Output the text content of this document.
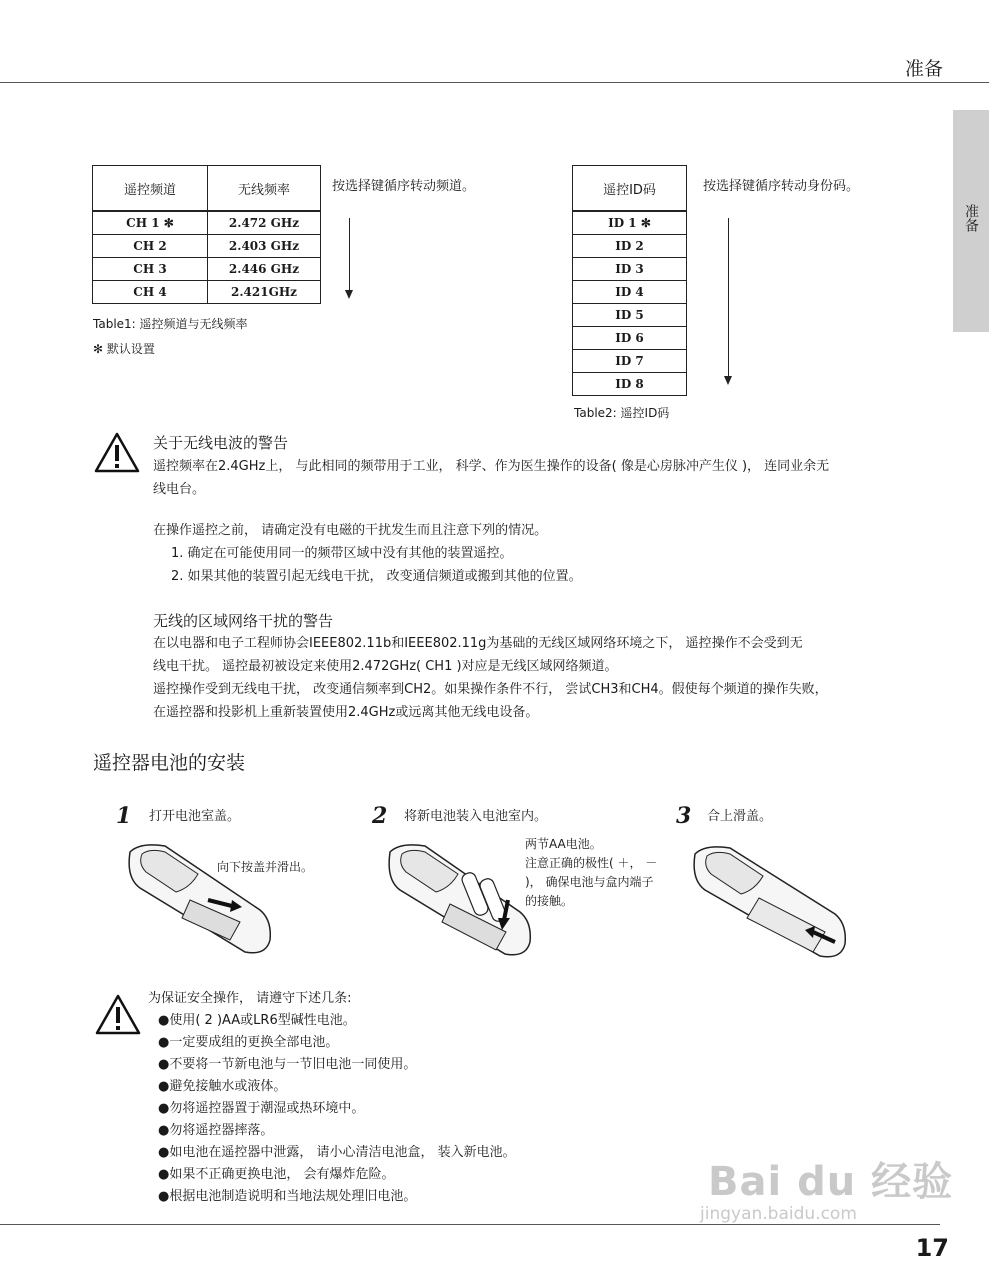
准备
准备
遥控频道	无线频率
CH 1 ✻	2.472 GHz
CH 2	2.403 GHz
CH 3	2.446 GHz
CH 4	2.421GHz
按选择键循序转动频道。
Table1: 遥控频道与无线频率
✻ 默认设置
遥控ID码
ID 1 ✻
ID 2
ID 3
ID 4
ID 5
ID 6
ID 7
ID 8
按选择键循序转动身份码。
Table2: 遥控ID码
关于无线电波的警告
遥控频率在2.4GHz上， 与此相同的频带用于工业， 科学、作为医生操作的设备( 像是心房脉冲产生仪 )， 连同业余无
线电台。
在操作遥控之前， 请确定没有电磁的干扰发生而且注意下列的情况。
1. 确定在可能使用同一的频带区域中没有其他的装置遥控。
2. 如果其他的装置引起无线电干扰， 改变通信频道或搬到其他的位置。
无线的区域网络干扰的警告
在以电器和电子工程师协会IEEE802.11b和IEEE802.11g为基础的无线区域网络环境之下， 遥控操作不会受到无
线电干扰。 遥控最初被设定来使用2.472GHz( CH1 )对应是无线区域网络频道。
遥控操作受到无线电干扰， 改变通信频率到CH2。如果操作条件不行， 尝试CH3和CH4。假使每个频道的操作失败，
在遥控器和投影机上重新装置使用2.4GHz或远离其他无线电设备。
遥控器电池的安装
1 打开电池室盖。	2 将新电池装入电池室内。	3 合上滑盖。
向下按盖并滑出。
两节AA电池。
注意正确的极性( ＋， －
)， 确保电池与盒内端子
的接触。
为保证安全操作， 请遵守下述几条:
●使用( 2 )AA或LR6型碱性电池。
●一定要成组的更换全部电池。
●不要将一节新电池与一节旧电池一同使用。
●避免接触水或液体。
●勿将遥控器置于潮湿或热环境中。
●勿将遥控器摔落。
●如电池在遥控器中泄露， 请小心清洁电池盒， 装入新电池。
●如果不正确更换电池， 会有爆炸危险。
●根据电池制造说明和当地法规处理旧电池。	Bai du 经验
jingyan.baidu.com
17
